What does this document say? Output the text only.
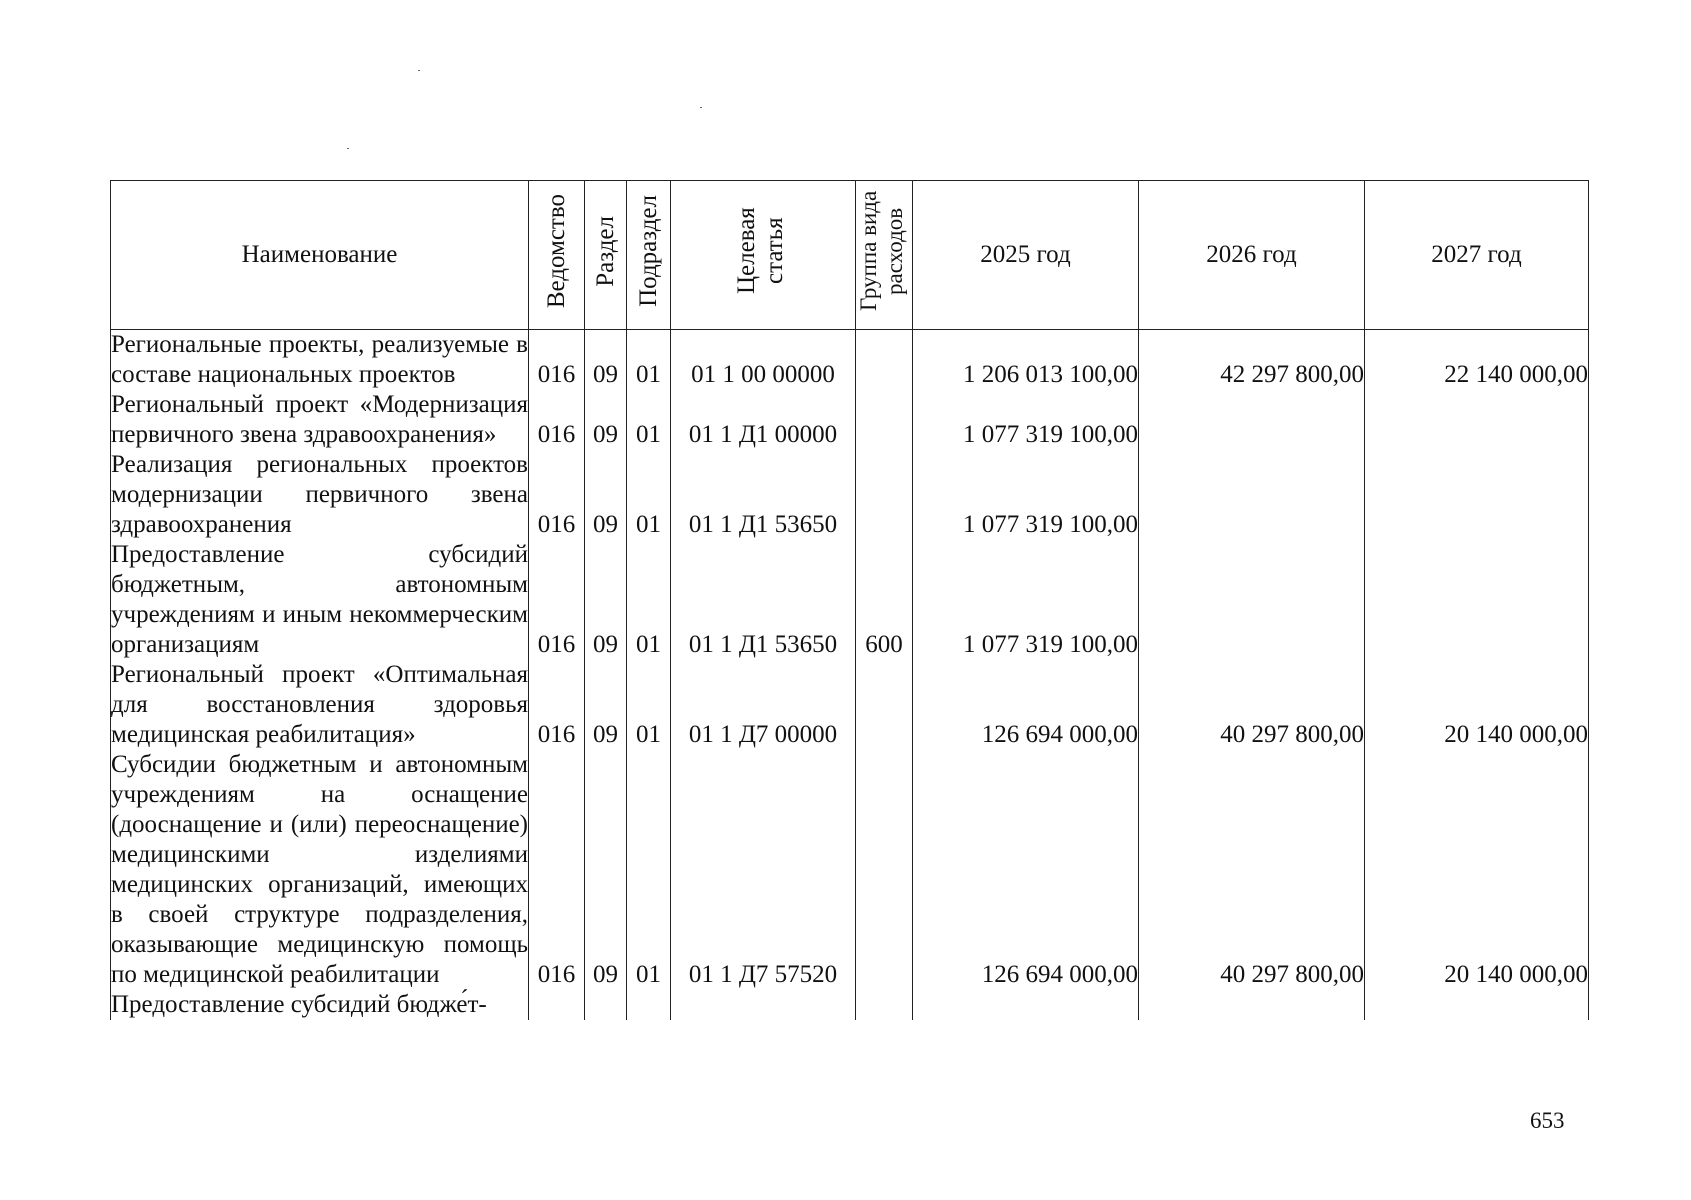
Наименование	Ведомство	Раздел	Подраздел	Целевая статья	Группа вида расходов	2025 год	2026 год	2027 год

Региональные проекты, реализуемые в составе национальных проектов	016	09	01	01 1 00 00000		1 206 013 100,00	42 297 800,00	22 140 000,00

Региональный проект «Модернизация первичного звена здравоохранения»	016	09	01	01 1 Д1 00000		1 077 319 100,00		

Реализация региональных проектов модернизации первичного звена здравоохранения	016	09	01	01 1 Д1 53650		1 077 319 100,00		

Предоставление субсидий бюджетным, автономным учреждениям и иным некоммерческим организациям	016	09	01	01 1 Д1 53650	600	1 077 319 100,00		

Региональный проект «Оптимальная для восстановления здоровья медицинская реабилитация»	016	09	01	01 1 Д7 00000		126 694 000,00	40 297 800,00	20 140 000,00

Субсидии бюджетным и автономным учреждениям на оснащение (дооснащение и (или) переоснащение) медицинскими изделиями медицинских организаций, имеющих в своей структуре подразделения, оказывающие медицинскую помощь по медицинской реабилитации	016	09	01	01 1 Д7 57520		126 694 000,00	40 297 800,00	20 140 000,00

Предоставление субсидий бюдже́т-								

653
